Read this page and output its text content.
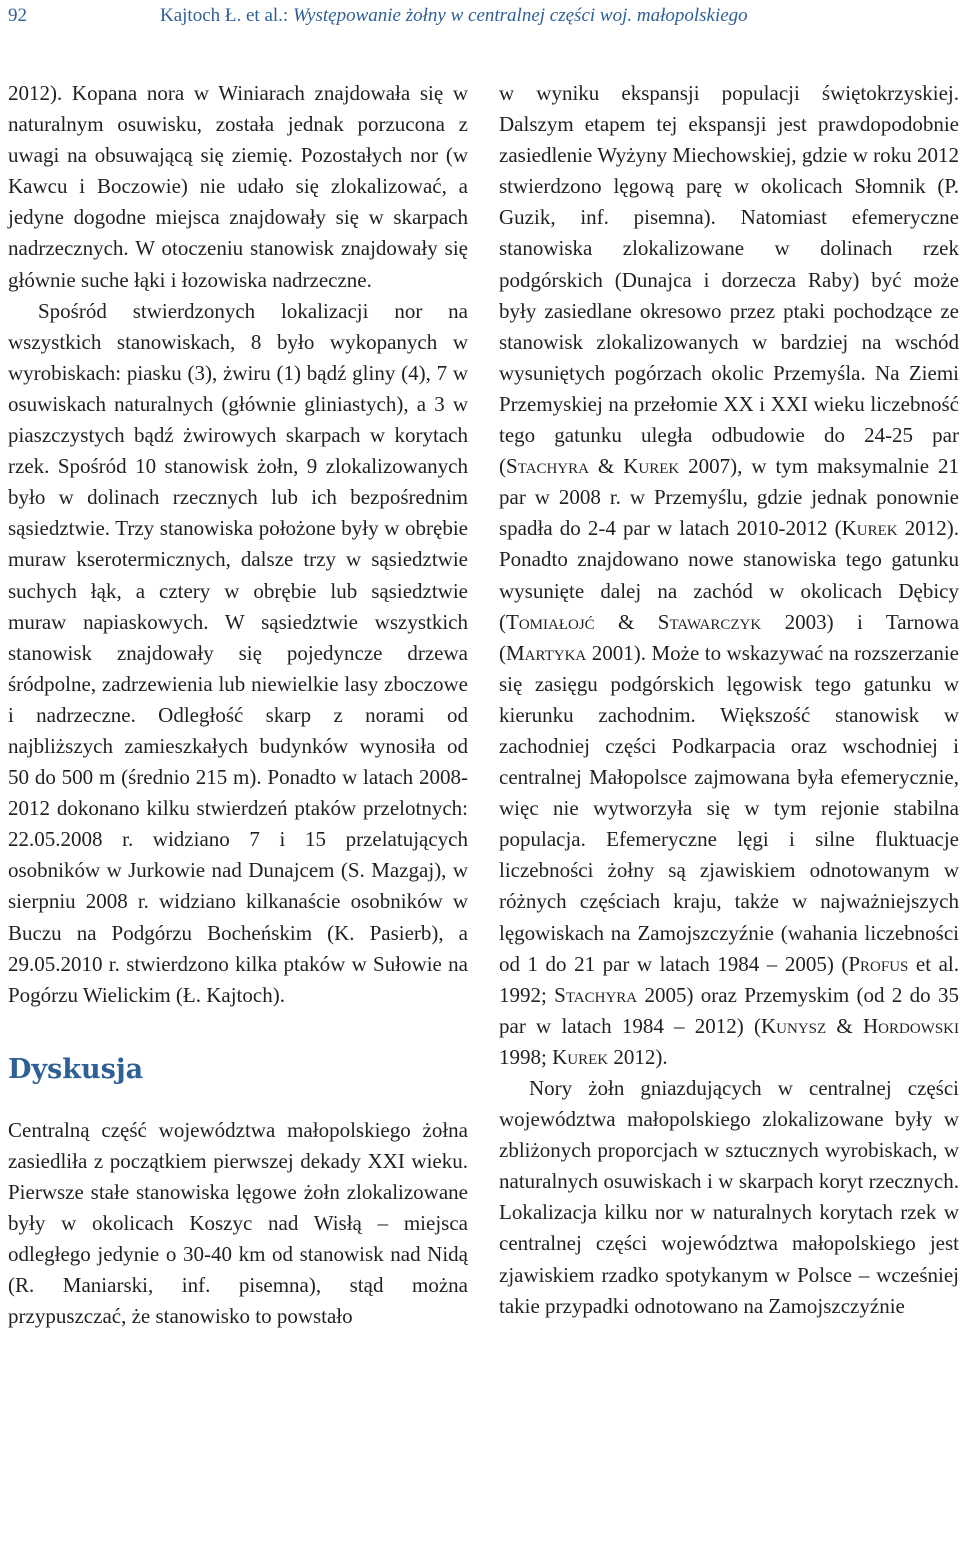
92	Kajtoch Ł. et al.: Występowanie żołny w centralnej części woj. małopolskiego

2012). Kopana nora w Winiarach znajdowała się w naturalnym osuwisku, została jednak porzucona z uwagi na obsuwającą się ziemię. Pozostałych nor (w Kawcu i Boczowie) nie udało się zlokalizować, a jedyne dogodne miejsca znajdowały się w skarpach nadrzecznych. W otoczeniu stanowisk znajdowały się głównie suche łąki i łozowiska nadrzeczne.

Spośród stwierdzonych lokalizacji nor na wszystkich stanowiskach, 8 było wykopanych w wyrobiskach: piasku (3), żwiru (1) bądź gliny (4), 7 w osuwiskach naturalnych (głównie gliniastych), a 3 w piaszczystych bądź żwirowych skarpach w korytach rzek. Spośród 10 stanowisk żołn, 9 zlokalizowanych było w dolinach rzecznych lub ich bezpośrednim sąsiedztwie. Trzy stanowiska położone były w obrębie muraw kserotermicznych, dalsze trzy w sąsiedztwie suchych łąk, a cztery w obrębie lub sąsiedztwie muraw napiaskowych. W sąsiedztwie wszystkich stanowisk znajdowały się pojedyncze drzewa śródpolne, zadrzewienia lub niewielkie lasy zboczowe i nadrzeczne. Odległość skarp z norami od najbliższych zamieszkałych budynków wynosiła od 50 do 500 m (średnio 215 m). Ponadto w latach 2008-2012 dokonano kilku stwierdzeń ptaków przelotnych: 22.05.2008 r. widziano 7 i 15 przelatujących osobników w Jurkowie nad Dunajcem (S. Mazgaj), w sierpniu 2008 r. widziano kilkanaście osobników w Buczu na Podgórzu Bocheńskim (K. Pasierb), a 29.05.2010 r. stwierdzono kilka ptaków w Sułowie na Pogórzu Wielickim (Ł. Kajtoch).

Dyskusja

Centralną część województwa małopolskiego żołna zasiedliła z początkiem pierwszej dekady XXI wieku. Pierwsze stałe stanowiska lęgowe żołn zlokalizowane były w okolicach Koszyc nad Wisłą – miejsca odległego jedynie o 30-40 km od stanowisk nad Nidą (R. Maniarski, inf. pisemna), stąd można przypuszczać, że stanowisko to powstało

w wyniku ekspansji populacji świętokrzyskiej. Dalszym etapem tej ekspansji jest prawdopodobnie zasiedlenie Wyżyny Miechowskiej, gdzie w roku 2012 stwierdzono lęgową parę w okolicach Słomnik (P. Guzik, inf. pisemna). Natomiast efemeryczne stanowiska zlokalizowane w dolinach rzek podgórskich (Dunajca i dorzecza Raby) być może były zasiedlane okresowo przez ptaki pochodzące ze stanowisk zlokalizowanych w bardziej na wschód wysuniętych pogórzach okolic Przemyśla. Na Ziemi Przemyskiej na przełomie XX i XXI wieku liczebność tego gatunku uległa odbudowie do 24-25 par (Stachyra & Kurek 2007), w tym maksymalnie 21 par w 2008 r. w Przemyślu, gdzie jednak ponownie spadła do 2-4 par w latach 2010-2012 (Kurek 2012). Ponadto znajdowano nowe stanowiska tego gatunku wysunięte dalej na zachód w okolicach Dębicy (Tomiałojć & Stawarczyk 2003) i Tarnowa (Martyka 2001). Może to wskazywać na rozszerzanie się zasięgu podgórskich lęgowisk tego gatunku w kierunku zachodnim. Większość stanowisk w zachodniej części Podkarpacia oraz wschodniej i centralnej Małopolsce zajmowana była efemerycznie, więc nie wytworzyła się w tym rejonie stabilna populacja. Efemeryczne lęgi i silne fluktuacje liczebności żołny są zjawiskiem odnotowanym w różnych częściach kraju, także w najważniejszych lęgowiskach na Zamojszczyźnie (wahania liczebności od 1 do 21 par w latach 1984 – 2005) (Profus et al. 1992; Stachyra 2005) oraz Przemyskim (od 2 do 35 par w latach 1984 – 2012) (Kunysz & Hordowski 1998; Kurek 2012).

Nory żołn gniazdujących w centralnej części województwa małopolskiego zlokalizowane były w zbliżonych proporcjach w sztucznych wyrobiskach, w naturalnych osuwiskach i w skarpach koryt rzecznych. Lokalizacja kilku nor w naturalnych korytach rzek w centralnej części województwa małopolskiego jest zjawiskiem rzadko spotykanym w Polsce – wcześniej takie przypadki odnotowano na Zamojszczyźnie
